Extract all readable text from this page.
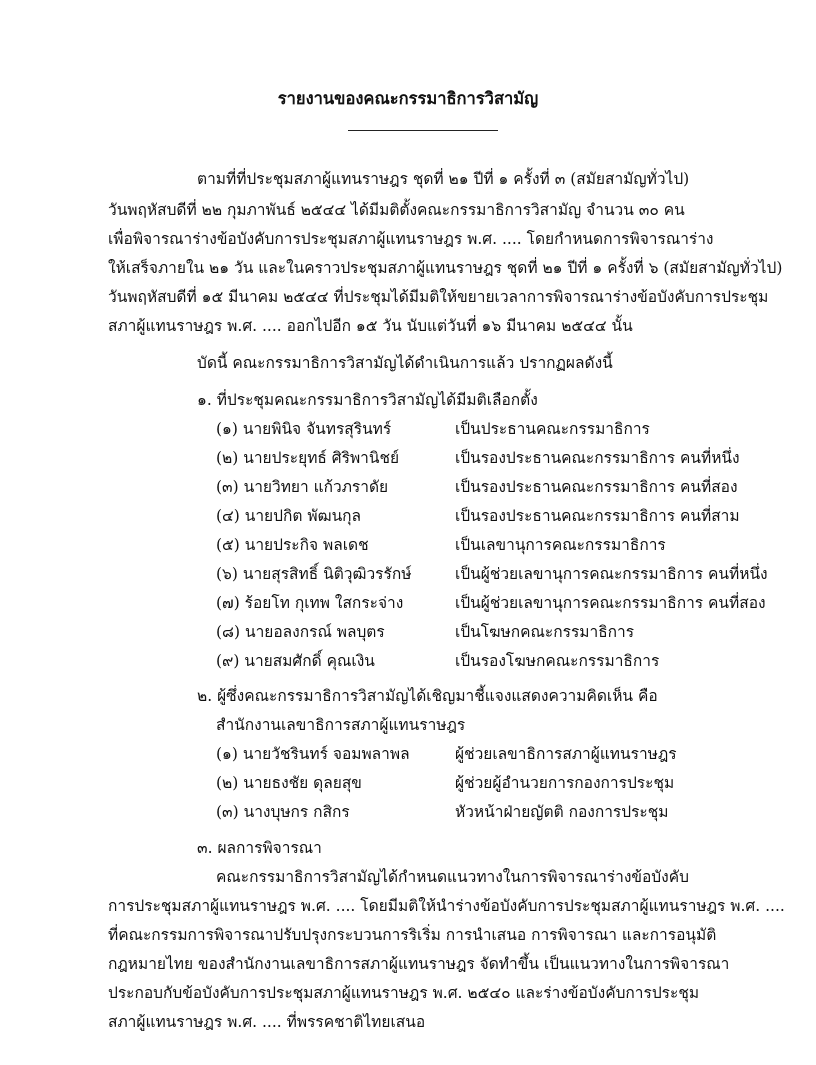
รายงานของคณะกรรมาธิการวิสามัญ
ตามที่ที่ประชุมสภาผู้แทนราษฎร ชุดที่ ๒๑ ปีที่ ๑ ครั้งที่ ๓ (สมัยสามัญทั่วไป)
วันพฤหัสบดีที่ ๒๒ กุมภาพันธ์ ๒๕๔๔ ได้มีมติตั้งคณะกรรมาธิการวิสามัญ จำนวน ๓๐ คน
เพื่อพิจารณาร่างข้อบังคับการประชุมสภาผู้แทนราษฎร พ.ศ. .... โดยกำหนดการพิจารณาร่าง
ให้เสร็จภายใน ๒๑ วัน และในคราวประชุมสภาผู้แทนราษฎร ชุดที่ ๒๑ ปีที่ ๑ ครั้งที่ ๖ (สมัยสามัญทั่วไป)
วันพฤหัสบดีที่ ๑๕ มีนาคม ๒๕๔๔ ที่ประชุมได้มีมติให้ขยายเวลาการพิจารณาร่างข้อบังคับการประชุม
สภาผู้แทนราษฎร พ.ศ. .... ออกไปอีก ๑๕ วัน นับแต่วันที่ ๑๖ มีนาคม ๒๕๔๔ นั้น
บัดนี้ คณะกรรมาธิการวิสามัญได้ดำเนินการแล้ว ปรากฏผลดังนี้
๑. ที่ประชุมคณะกรรมาธิการวิสามัญได้มีมติเลือกตั้ง
(๑) นายพินิจ จันทรสุรินทร์	เป็นประธานคณะกรรมาธิการ
(๒) นายประยุทธ์ ศิริพานิชย์	เป็นรองประธานคณะกรรมาธิการ คนที่หนึ่ง
(๓) นายวิทยา แก้วภราดัย	เป็นรองประธานคณะกรรมาธิการ คนที่สอง
(๔) นายปกิต พัฒนกุล	เป็นรองประธานคณะกรรมาธิการ คนที่สาม
(๕) นายประกิจ พลเดช	เป็นเลขานุการคณะกรรมาธิการ
(๖) นายสุรสิทธิ์ นิติวุฒิวรรักษ์	เป็นผู้ช่วยเลขานุการคณะกรรมาธิการ คนที่หนึ่ง
(๗) ร้อยโท กุเทพ ใสกระจ่าง	เป็นผู้ช่วยเลขานุการคณะกรรมาธิการ คนที่สอง
(๘) นายอลงกรณ์ พลบุตร	เป็นโฆษกคณะกรรมาธิการ
(๙) นายสมศักดิ์ คุณเงิน	เป็นรองโฆษกคณะกรรมาธิการ
๒. ผู้ซึ่งคณะกรรมาธิการวิสามัญได้เชิญมาชี้แจงแสดงความคิดเห็น คือ
สำนักงานเลขาธิการสภาผู้แทนราษฎร
(๑) นายวัชรินทร์ จอมพลาพล	ผู้ช่วยเลขาธิการสภาผู้แทนราษฎร
(๒) นายธงชัย ดุลยสุข	ผู้ช่วยผู้อำนวยการกองการประชุม
(๓) นางบุษกร กสิกร	หัวหน้าฝ่ายญัตติ กองการประชุม
๓. ผลการพิจารณา
คณะกรรมาธิการวิสามัญได้กำหนดแนวทางในการพิจารณาร่างข้อบังคับ
การประชุมสภาผู้แทนราษฎร พ.ศ. .... โดยมีมติให้นำร่างข้อบังคับการประชุมสภาผู้แทนราษฎร พ.ศ. ....
ที่คณะกรรมการพิจารณาปรับปรุงกระบวนการริเริ่ม การนำเสนอ การพิจารณา และการอนุมัติ
กฎหมายไทย ของสำนักงานเลขาธิการสภาผู้แทนราษฎร จัดทำขึ้น เป็นแนวทางในการพิจารณา
ประกอบกับข้อบังคับการประชุมสภาผู้แทนราษฎร พ.ศ. ๒๕๔๐ และร่างข้อบังคับการประชุม
สภาผู้แทนราษฎร พ.ศ. .... ที่พรรคชาติไทยเสนอ
